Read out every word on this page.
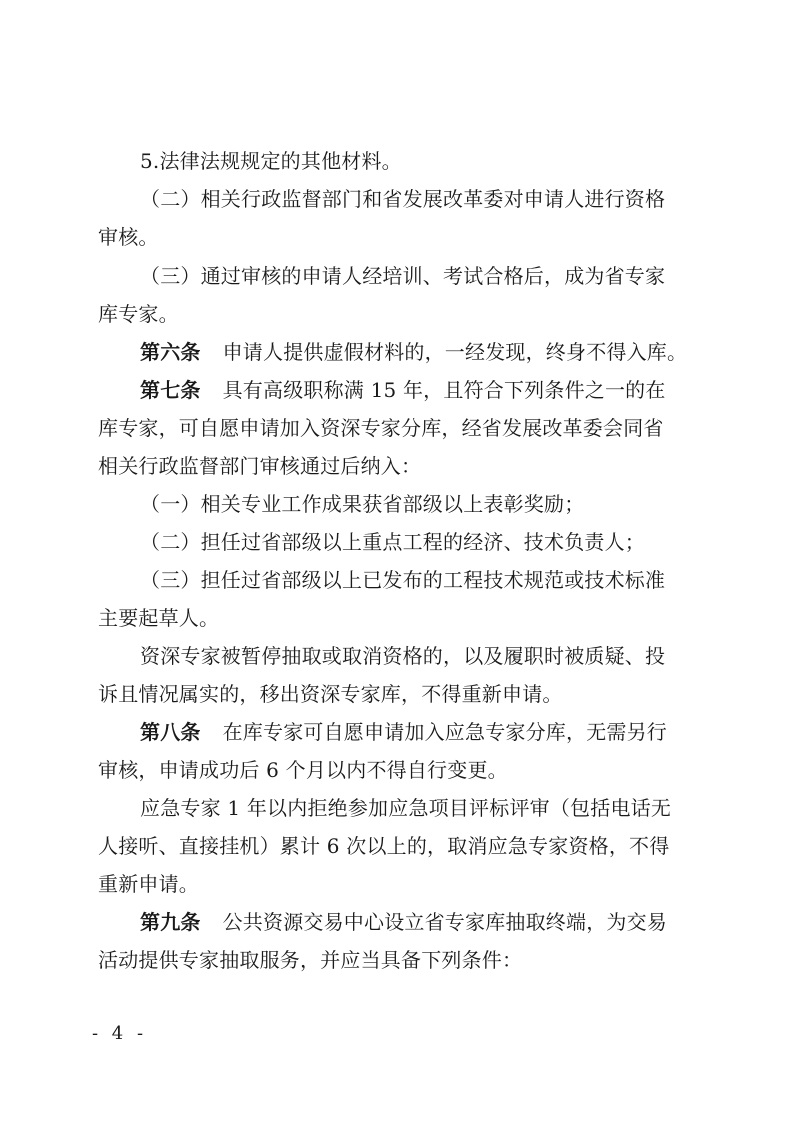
5.法律法规规定的其他材料。
（二）相关行政监督部门和省发展改革委对申请人进行资格
审核。
（三）通过审核的申请人经培训、考试合格后，成为省专家
库专家。
第六条 申请人提供虚假材料的，一经发现，终身不得入库。
第七条 具有高级职称满 15 年，且符合下列条件之一的在
库专家，可自愿申请加入资深专家分库，经省发展改革委会同省
相关行政监督部门审核通过后纳入：
（一）相关专业工作成果获省部级以上表彰奖励；
（二）担任过省部级以上重点工程的经济、技术负责人；
（三）担任过省部级以上已发布的工程技术规范或技术标准
主要起草人。
资深专家被暂停抽取或取消资格的，以及履职时被质疑、投
诉且情况属实的，移出资深专家库，不得重新申请。
第八条 在库专家可自愿申请加入应急专家分库，无需另行
审核，申请成功后 6 个月以内不得自行变更。
应急专家 1 年以内拒绝参加应急项目评标评审（包括电话无
人接听、直接挂机）累计 6 次以上的，取消应急专家资格，不得
重新申请。
第九条 公共资源交易中心设立省专家库抽取终端，为交易
活动提供专家抽取服务，并应当具备下列条件：
- 4 -
